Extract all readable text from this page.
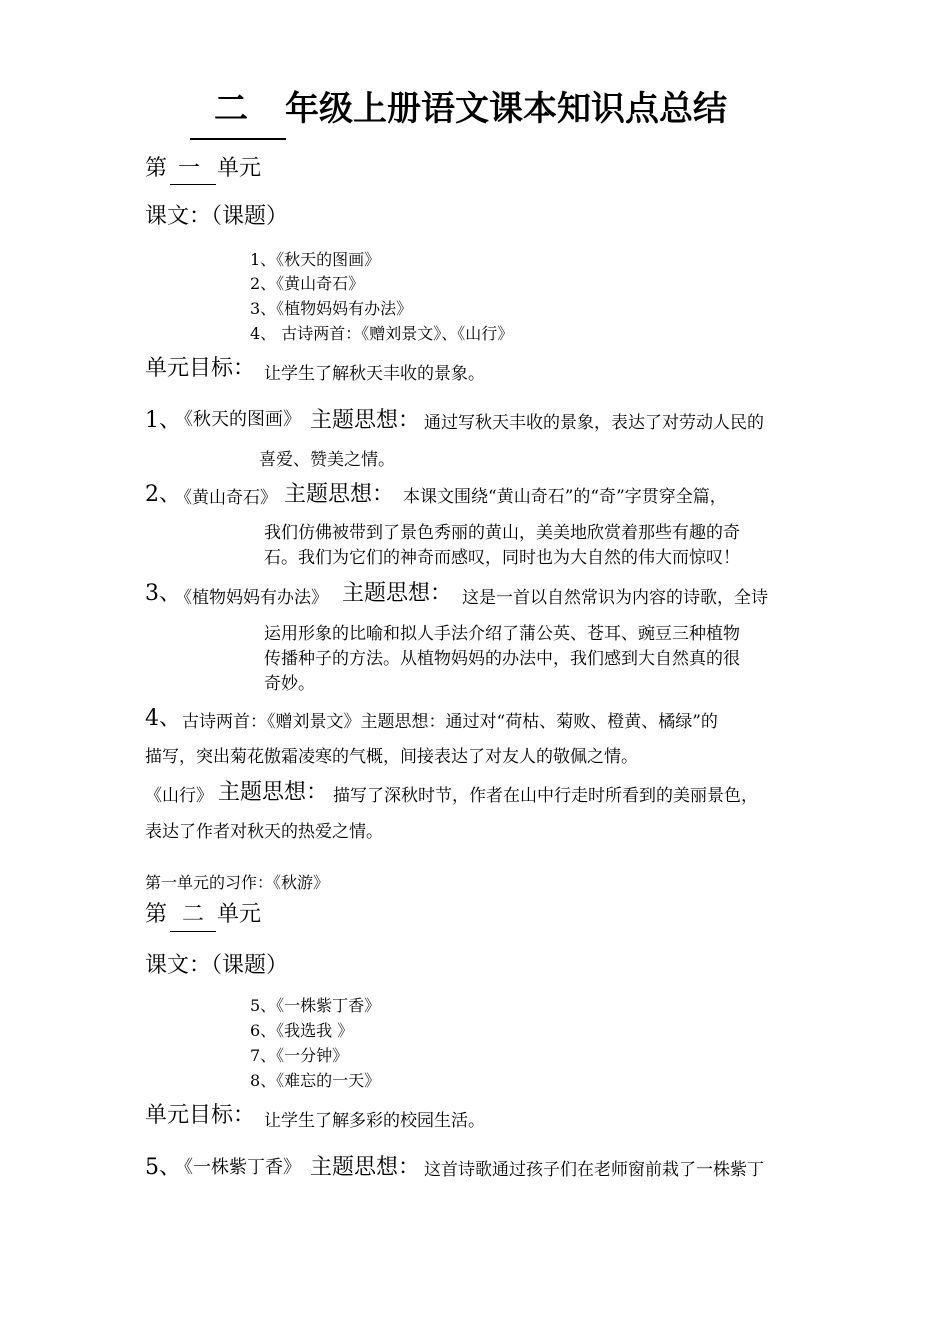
二 年级上册语文课本知识点总结
第 一 单元
课文：（课题）
1、《秋天的图画》
2、《黄山奇石》
3、《植物妈妈有办法》
4、 古诗两首：《赠刘景文》、《山行》
单元目标： 让学生了解秋天丰收的景象。
1、
《秋天的图画》 主题思想： 通过写秋天丰收的景象，表达了对劳动人民的
喜爱、赞美之情。
2、
《黄山奇石》 主题思想： 本课文围绕“黄山奇石”的“奇”字贯穿全篇，
我们仿佛被带到了景色秀丽的黄山，美美地欣赏着那些有趣的奇
石。我们为它们的神奇而感叹，同时也为大自然的伟大而惊叹！
3、
《植物妈妈有办法》 主题思想： 这是一首以自然常识为内容的诗歌，全诗
运用形象的比喻和拟人手法介绍了蒲公英、苍耳、豌豆三种植物
传播种子的方法。从植物妈妈的办法中，我们感到大自然真的很
奇妙。
4、 古诗两首：《赠刘景文》主题思想：通过对“荷枯、菊败、橙黄、橘绿”的
描写，突出菊花傲霜凌寒的气概，间接表达了对友人的敬佩之情。
《山行》 主题思想： 描写了深秋时节，作者在山中行走时所看到的美丽景色，
表达了作者对秋天的热爱之情。
第一单元的习作：《秋游》
第 二 单元
课文：（课题）
5、《一株紫丁香》
6、《我选我 》
7、《一分钟》
8、《难忘的一天》
单元目标： 让学生了解多彩的校园生活。
5、
《一株紫丁香》 主题思想： 这首诗歌通过孩子们在老师窗前栽了一株紫丁
